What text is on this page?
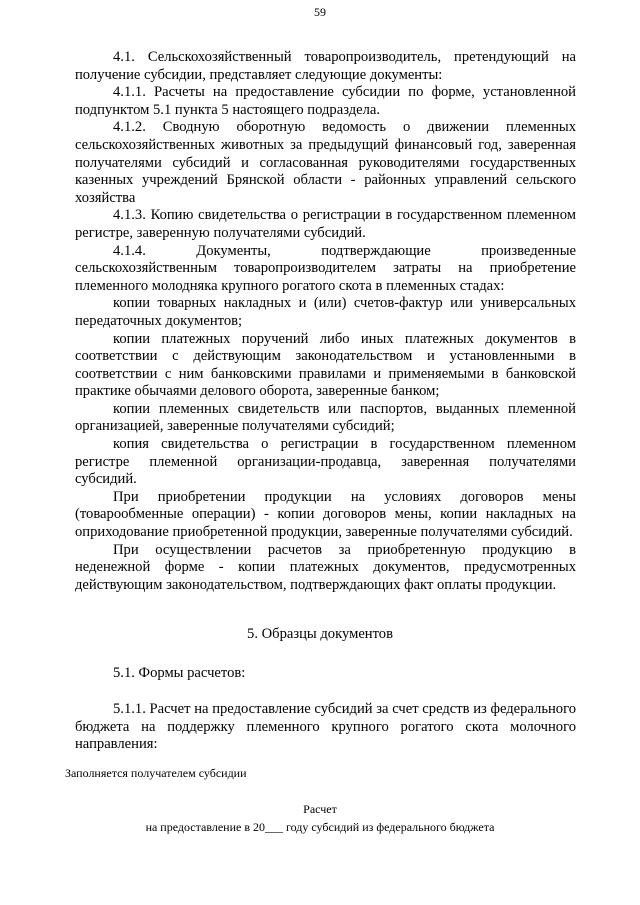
59

4.1. Сельскохозяйственный товаропроизводитель, претендующий на получение субсидии, представляет следующие документы:

4.1.1. Расчеты на предоставление субсидии по форме, установленной подпунктом 5.1 пункта 5 настоящего подраздела.

4.1.2. Сводную оборотную ведомость о движении племенных сельскохозяйственных животных за предыдущий финансовый год, заверенная получателями субсидий и согласованная руководителями государственных казенных учреждений Брянской области - районных управлений сельского хозяйства

4.1.3. Копию свидетельства о регистрации в государственном племенном регистре, заверенную получателями субсидий.

4.1.4. Документы, подтверждающие произведенные сельскохозяйственным товаропроизводителем затраты на приобретение племенного молодняка крупного рогатого скота в племенных стадах:

копии товарных накладных и (или) счетов-фактур или универсальных передаточных документов;

копии платежных поручений либо иных платежных документов в соответствии с действующим законодательством и установленными в соответствии с ним банковскими правилами и применяемыми в банковской практике обычаями делового оборота, заверенные банком;

копии племенных свидетельств или паспортов, выданных племенной организацией, заверенные получателями субсидий;

копия свидетельства о регистрации в государственном племенном регистре племенной организации-продавца, заверенная получателями субсидий.

При приобретении продукции на условиях договоров мены (товарообменные операции) - копии договоров мены, копии накладных на оприходование приобретенной продукции, заверенные получателями субсидий.

При осуществлении расчетов за приобретенную продукцию в неденежной форме - копии платежных документов, предусмотренных действующим законодательством, подтверждающих факт оплаты продукции.

5. Образцы документов
5.1. Формы расчетов:

5.1.1. Расчет на предоставление субсидий за счет средств из федерального бюджета на поддержку племенного крупного рогатого скота молочного направления:

Заполняется получателем субсидии
Расчет
на предоставление в 20___ году субсидий из федерального бюджета
